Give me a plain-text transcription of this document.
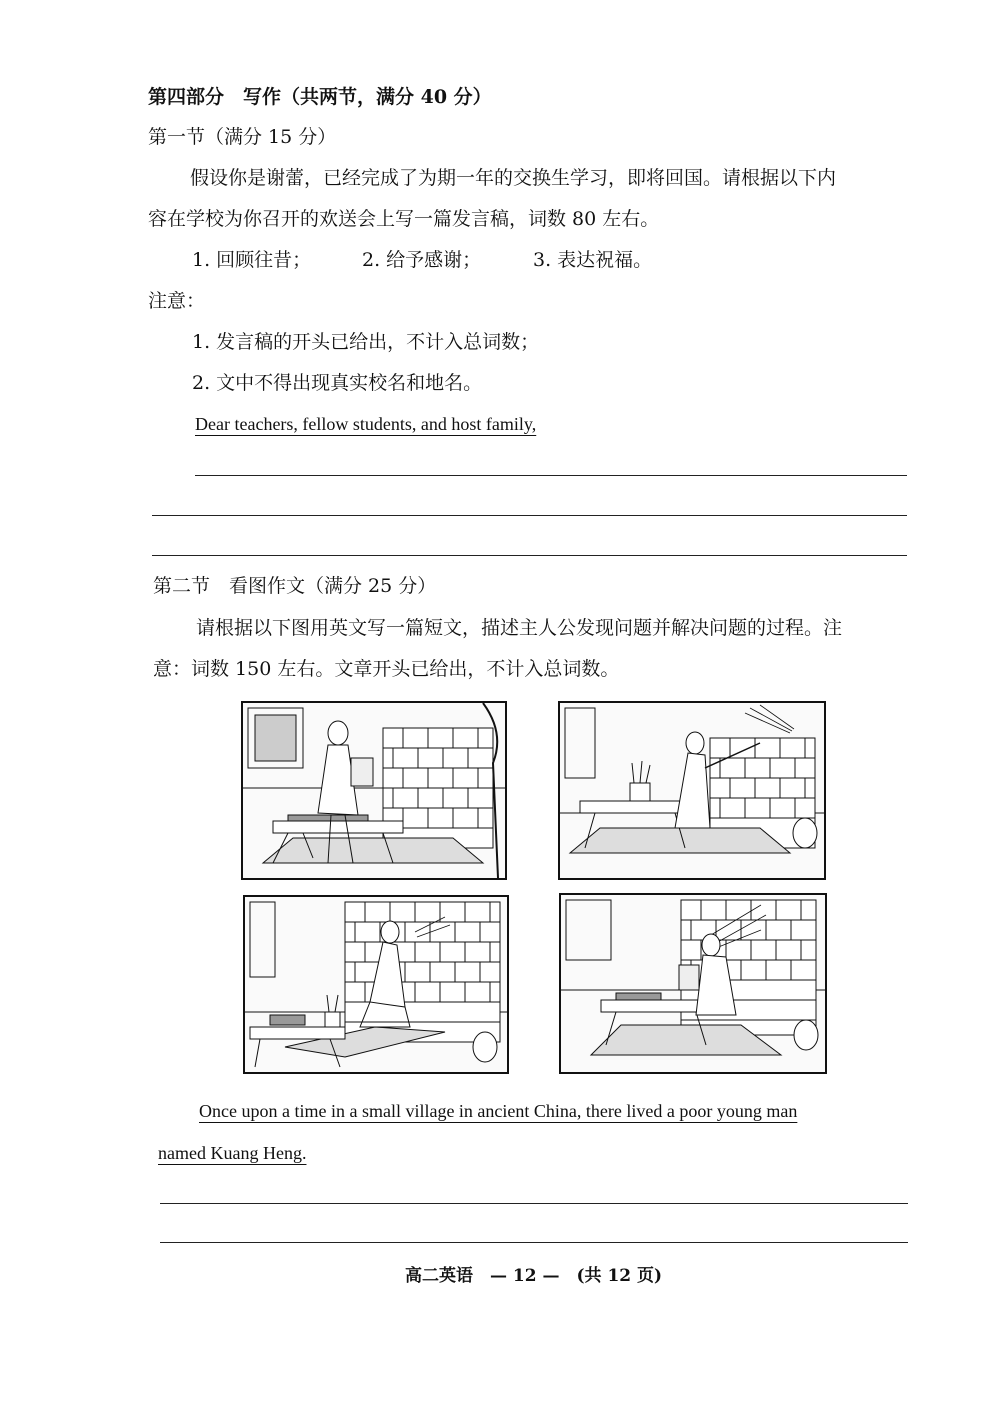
第四部分　写作（共两节，满分 40 分）
第一节（满分 15 分）
假设你是谢蕾，已经完成了为期一年的交换生学习，即将回国。请根据以下内
容在学校为你召开的欢送会上写一篇发言稿，词数 80 左右。
1. 回顾往昔；	2. 给予感谢；	3. 表达祝福。
注意：
1. 发言稿的开头已给出，不计入总词数；
2. 文中不得出现真实校名和地名。
Dear teachers, fellow students, and host family,
第二节　看图作文（满分 25 分）
请根据以下图用英文写一篇短文，描述主人公发现问题并解决问题的过程。注
意：词数 150 左右。文章开头已给出，不计入总词数。
Once upon a time in a small village in ancient China, there lived a poor young man
named Kuang Heng.
高二英语　— 12 —　(共 12 页)
